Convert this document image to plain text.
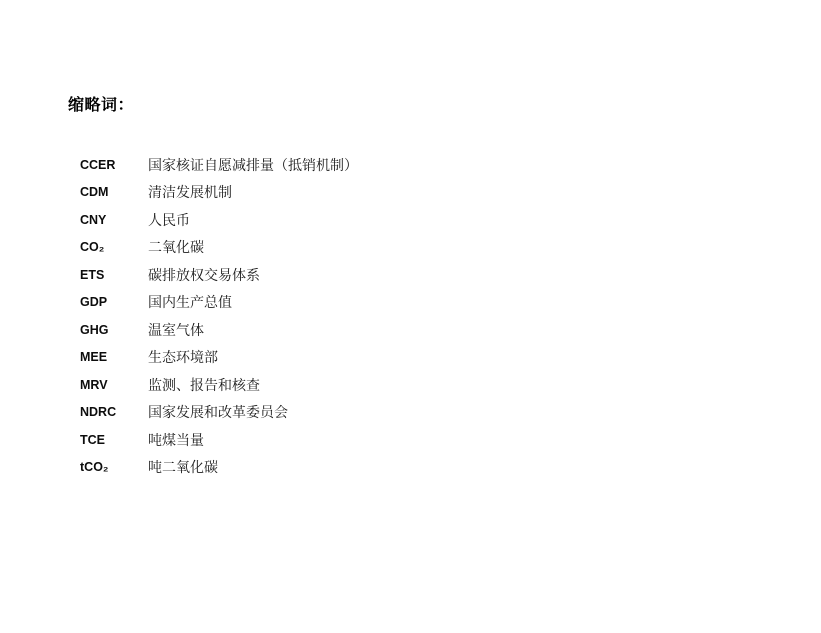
缩略词：
CCER	国家核证自愿减排量（抵销机制）
CDM	清洁发展机制
CNY	人民币
CO₂	二氧化碳
ETS	碳排放权交易体系
GDP	国内生产总值
GHG	温室气体
MEE	生态环境部
MRV	监测、报告和核查
NDRC	国家发展和改革委员会
TCE	吨煤当量
tCO₂	吨二氧化碳
